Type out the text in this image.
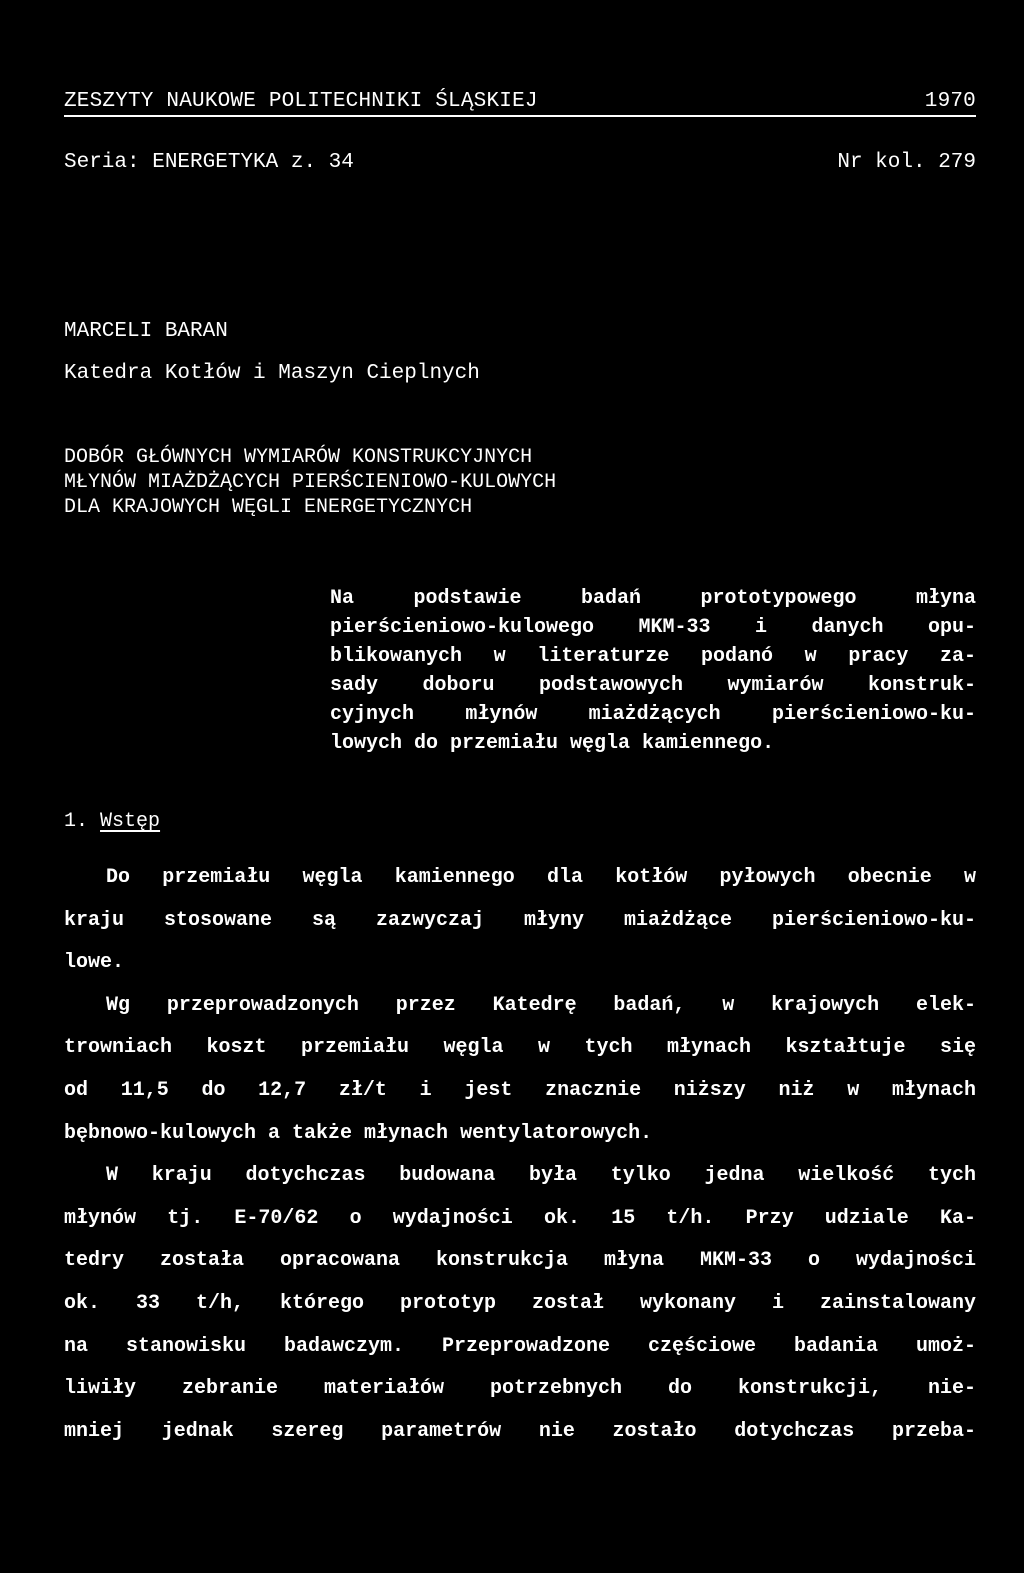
ZESZYTY NAUKOWE POLITECHNIKI ŚLĄSKIEJ	1970
Seria: ENERGETYKA z. 34	Nr kol. 279

MARCELI BARAN

Katedra Kotłów i Maszyn Cieplnych

DOBÓR GŁÓWNYCH WYMIARÓW KONSTRUKCYJNYCH
MŁYNÓW MIAŻDŻĄCYCH PIERŚCIENIOWO-KULOWYCH
DLA KRAJOWYCH WĘGLI ENERGETYCZNYCH
Na podstawie badań prototypowego młyna
pierścieniowo-kulowego MKM-33 i danych opu-
blikowanych w literaturze podanó w pracy za-
sady doboru podstawowych wymiarów konstruk-
cyjnych młynów miażdżących pierścieniowo-ku-
lowych do przemiału węgla kamiennego.
1. Wstęp
Do przemiału węgla kamiennego dla kotłów pyłowych obecnie w
kraju stosowane są zazwyczaj młyny miażdżące pierścieniowo-ku-
lowe.
Wg przeprowadzonych przez Katedrę badań, w krajowych elek-
trowniach koszt przemiału węgla w tych młynach kształtuje się
od 11,5 do 12,7 zł/t i jest znacznie niższy niż w młynach
bębnowo-kulowych a także młynach wentylatorowych.
W kraju dotychczas budowana była tylko jedna wielkość tych
młynów tj. E-70/62 o wydajności ok. 15 t/h. Przy udziale Ka-
tedry została opracowana konstrukcja młyna MKM-33 o wydajności
ok. 33 t/h, którego prototyp został wykonany i zainstalowany
na stanowisku badawczym. Przeprowadzone częściowe badania umoż-
liwiły zebranie materiałów potrzebnych do konstrukcji, nie-
mniej jednak szereg parametrów nie zostało dotychczas przeba-
